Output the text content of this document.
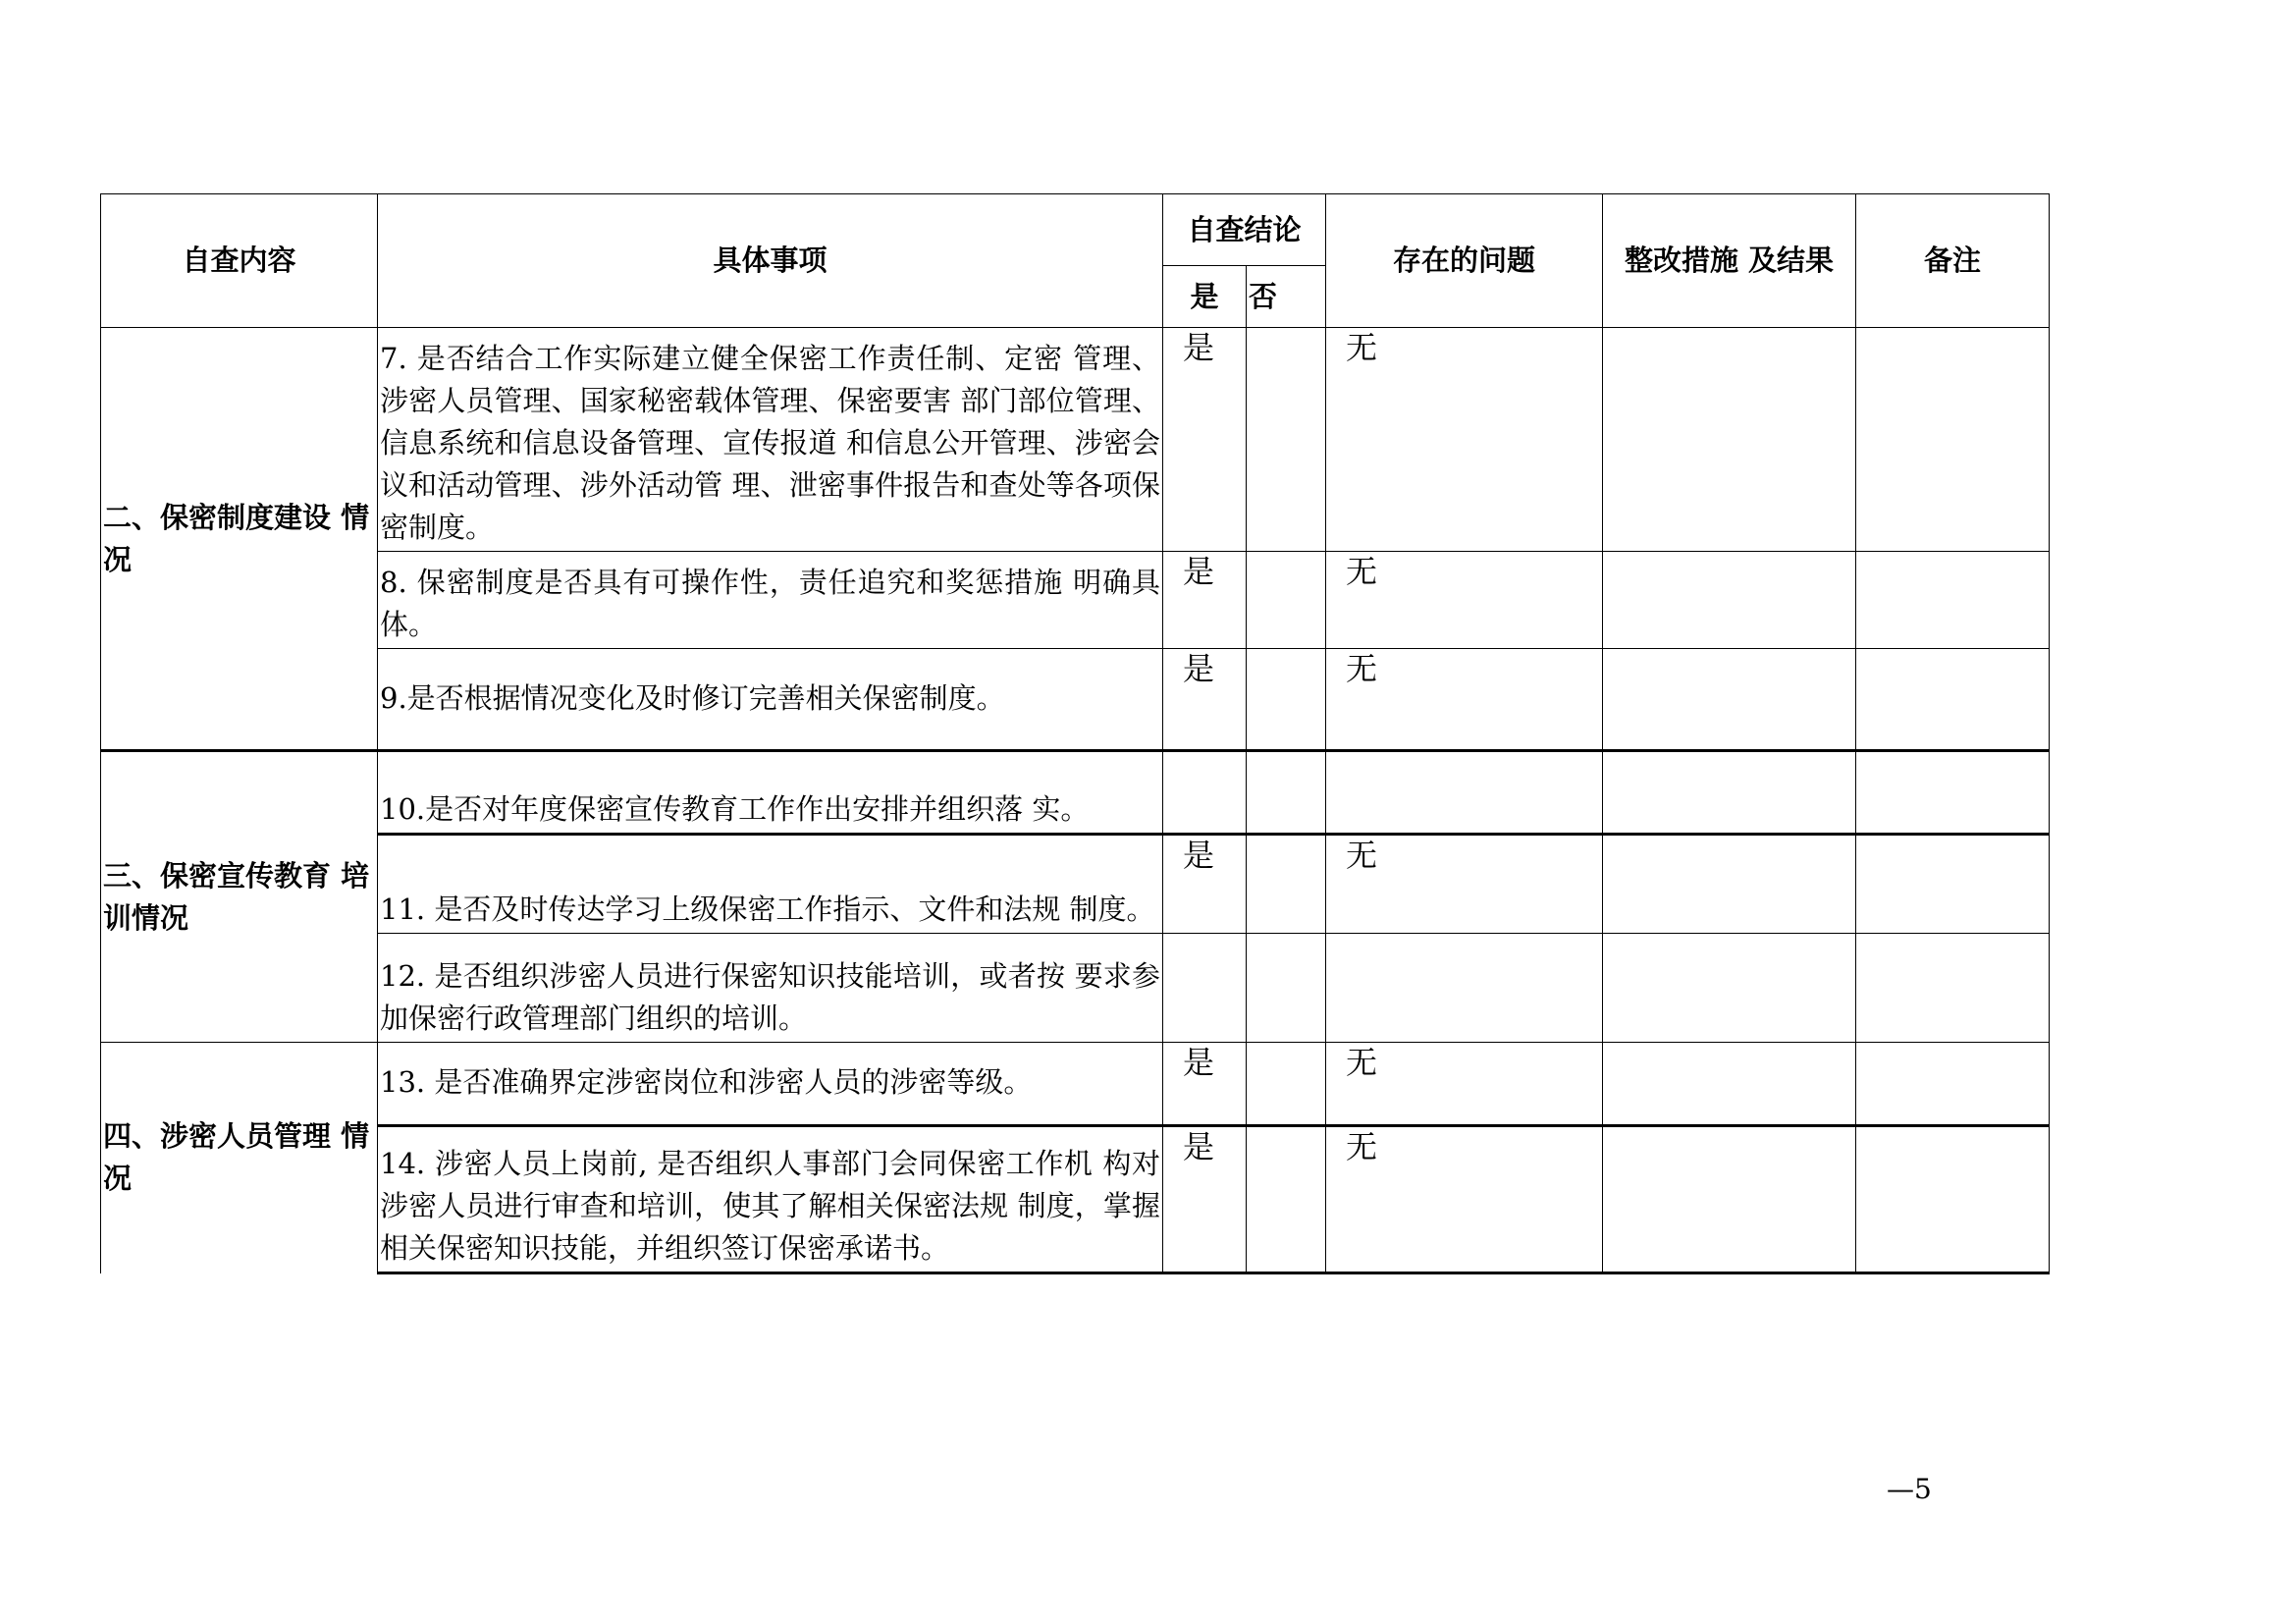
自查内容	具体事项	自查结论		存在的问题	整改措施 及结果	备注
		是	否			
二、保密制度建设 情况	7. 是否结合工作实际建立健全保密工作责任制、定密 管理、涉密人员管理、国家秘密载体管理、保密要害 部门部位管理、信息系统和信息设备管理、宣传报道 和信息公开管理、涉密会议和活动管理、涉外活动管 理、泄密事件报告和查处等各项保密制度。	是		无		
	8. 保密制度是否具有可操作性，责任追究和奖惩措施 明确具体。	是		无		
	9.是否根据情况变化及时修订完善相关保密制度。	是		无		
三、保密宣传教育 培训情况	10.是否对年度保密宣传教育工作作出安排并组织落 实。					
	11. 是否及时传达学习上级保密工作指示、文件和法规 制度。	是		无		
	12. 是否组织涉密人员进行保密知识技能培训，或者按 要求参加保密行政管理部门组织的培训。					
四、涉密人员管理 情况	13. 是否准确界定涉密岗位和涉密人员的涉密等级。	是		无		
	14. 涉密人员上岗前, 是否组织人事部门会同保密工作机 构对涉密人员进行审查和培训，使其了解相关保密法规 制度，掌握相关保密知识技能，并组织签订保密承诺书。	是		无		
—5
